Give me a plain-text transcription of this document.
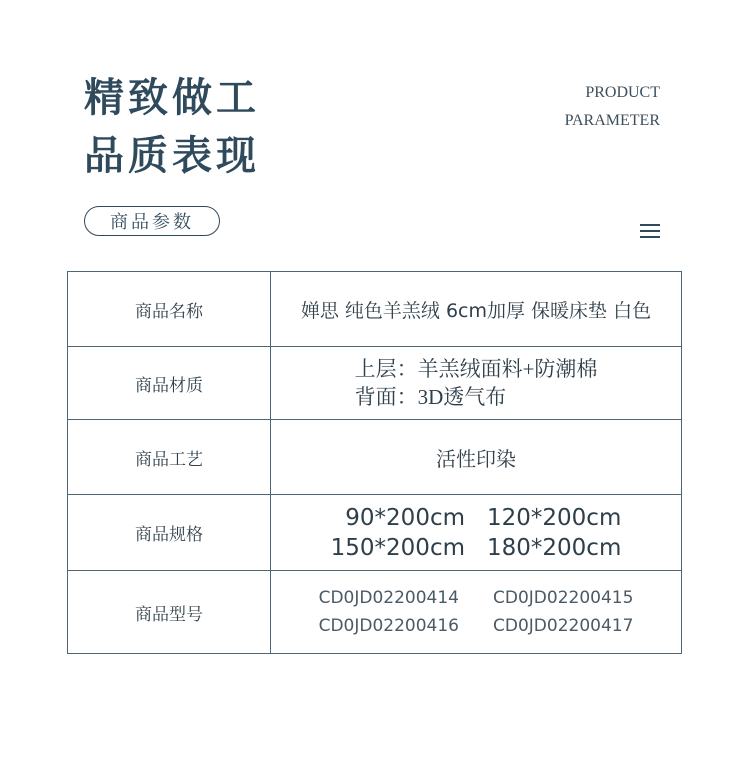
精致做工
品质表现
PRODUCT
PARAMETER
商品参数
商品名称	婵思 纯色羊羔绒 6cm加厚 保暖床垫 白色
商品材质	上层：羊羔绒面料+防潮棉
背面：3D透气布

商品工艺	活性印染
商品规格	90*200cm 120*200cm
150*200cm 180*200cm

商品型号	CD0JD02200414 CD0JD02200415
CD0JD02200416 CD0JD02200417
